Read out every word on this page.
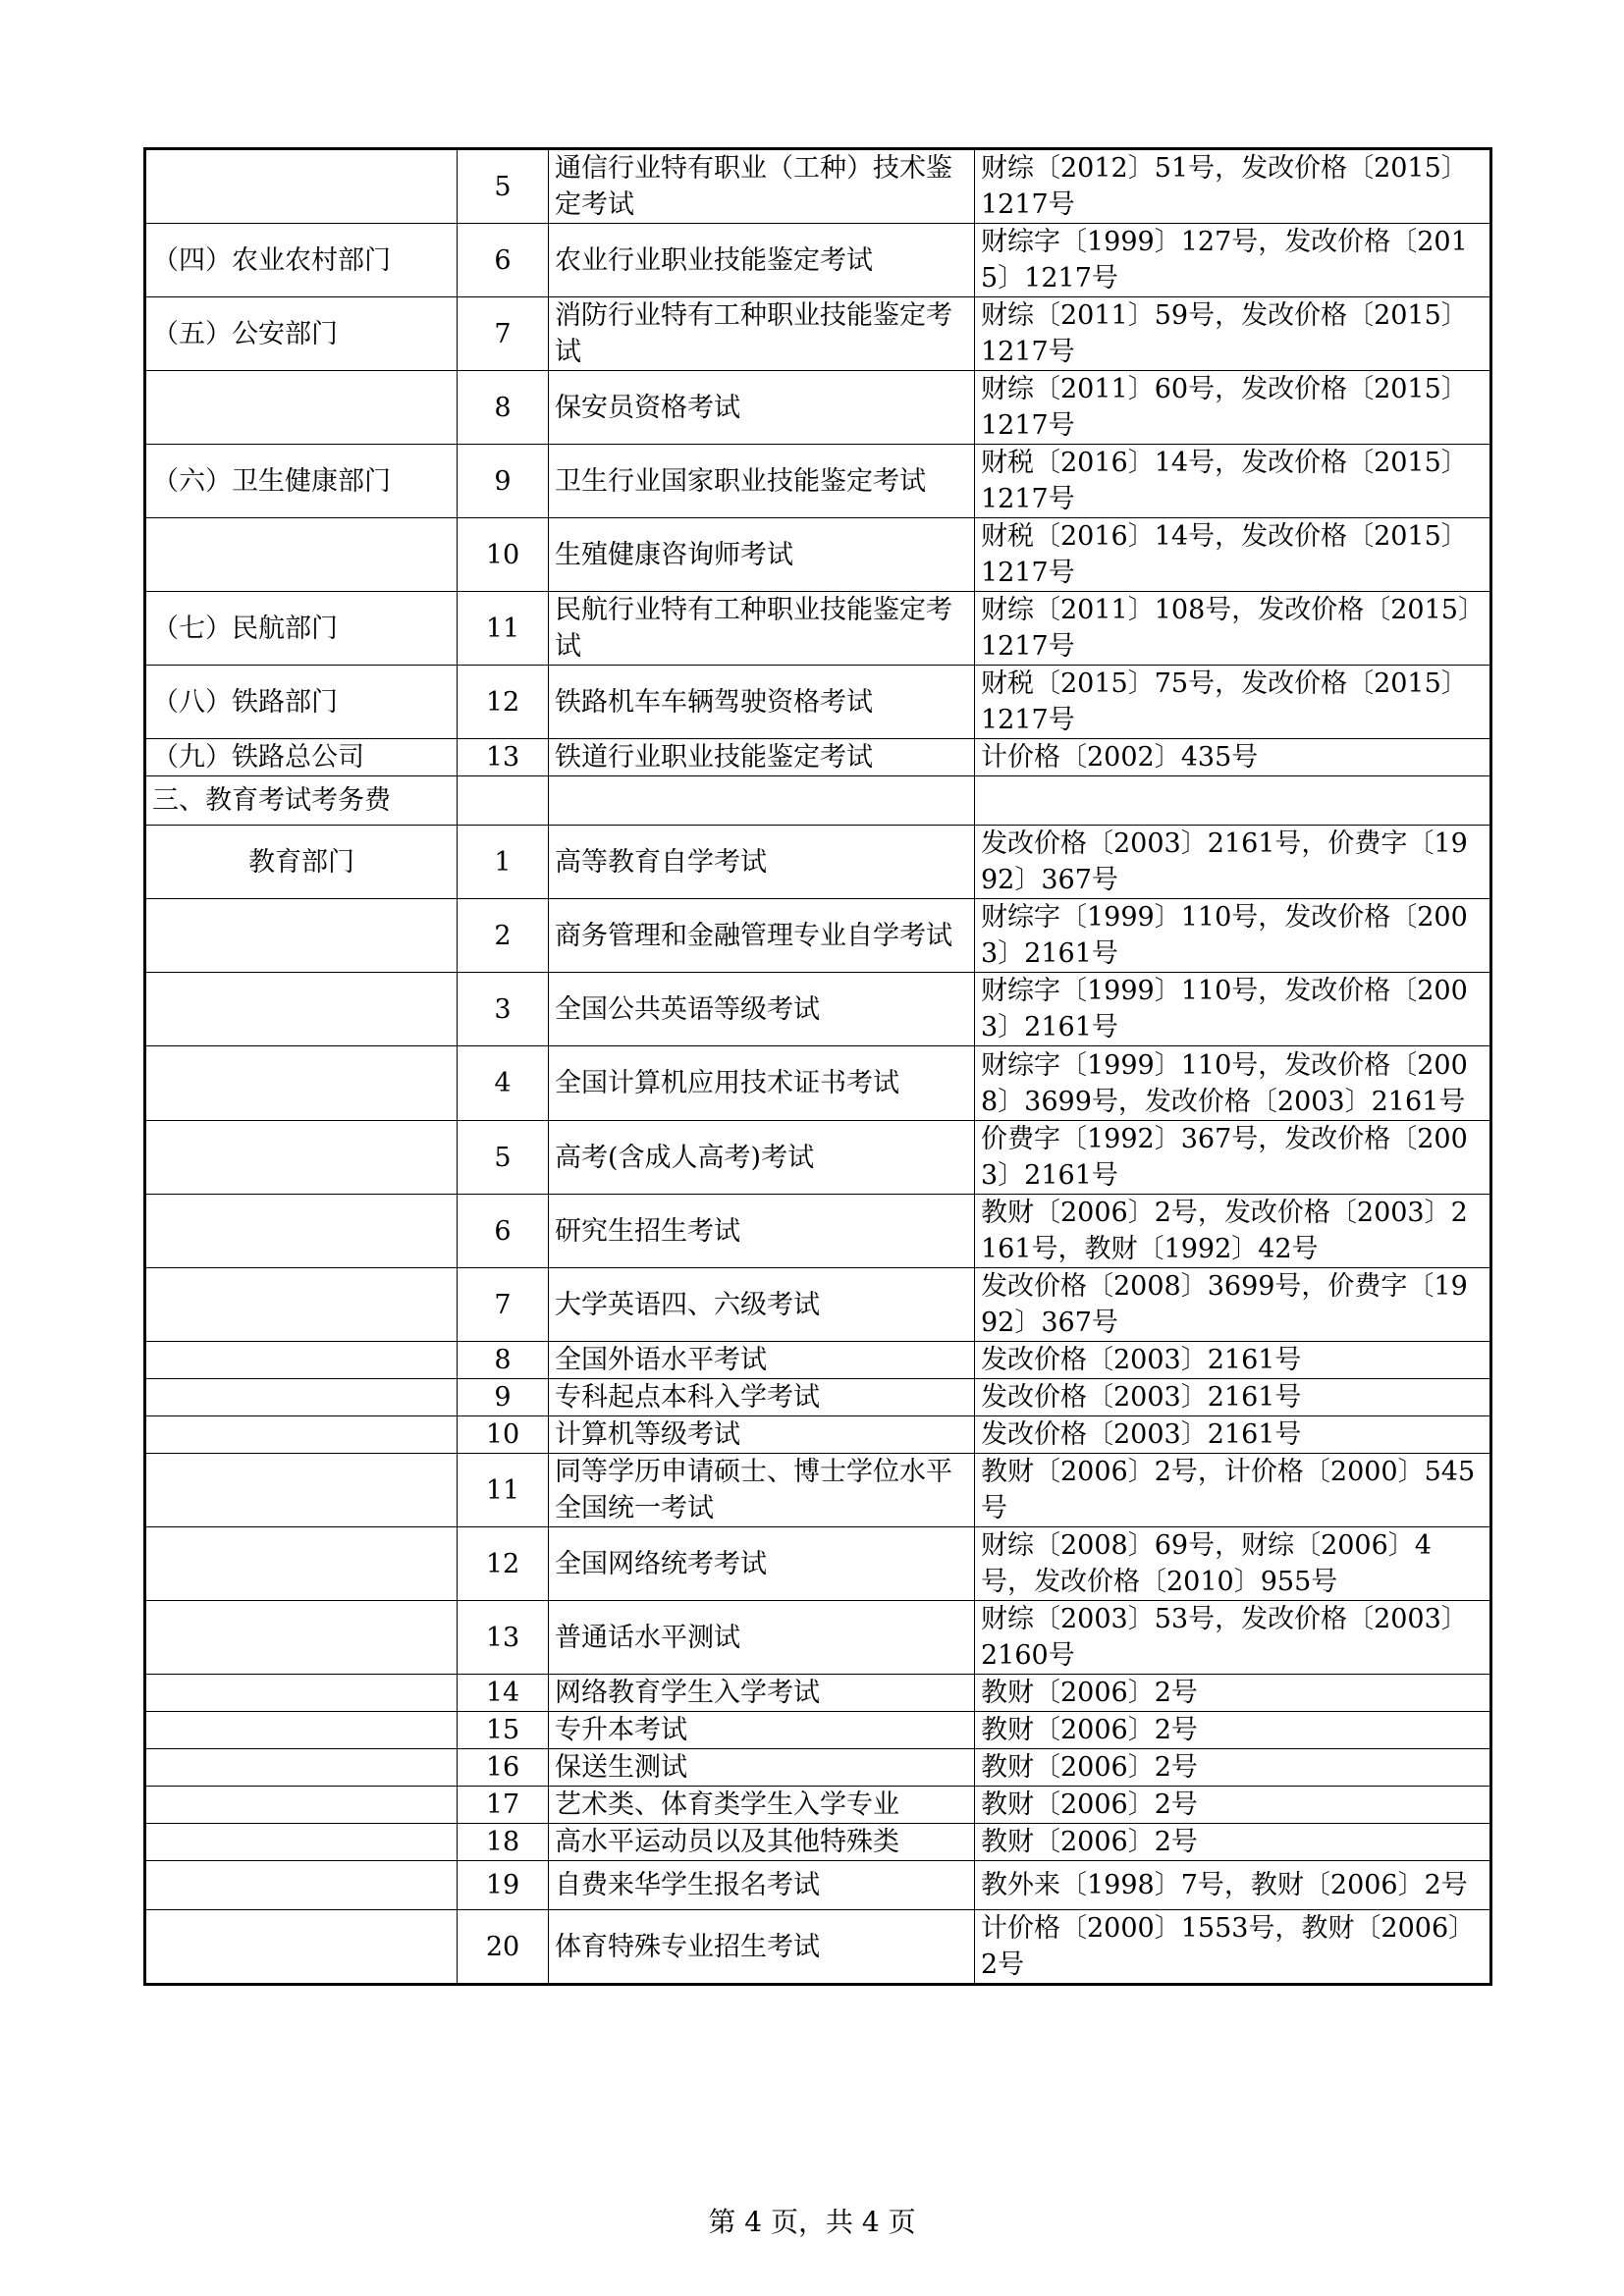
	5	通信行业特有职业（工种）技术鉴定考试	财综〔2012〕51号，发改价格〔2015〕1217号
（四）农业农村部门	6	农业行业职业技能鉴定考试	财综字〔1999〕127号，发改价格〔2015〕1217号
（五）公安部门	7	消防行业特有工种职业技能鉴定考试	财综〔2011〕59号，发改价格〔2015〕1217号
	8	保安员资格考试	财综〔2011〕60号，发改价格〔2015〕1217号
（六）卫生健康部门	9	卫生行业国家职业技能鉴定考试	财税〔2016〕14号，发改价格〔2015〕1217号
	10	生殖健康咨询师考试	财税〔2016〕14号，发改价格〔2015〕1217号
（七）民航部门	11	民航行业特有工种职业技能鉴定考试	财综〔2011〕108号，发改价格〔2015〕1217号
（八）铁路部门	12	铁路机车车辆驾驶资格考试	财税〔2015〕75号，发改价格〔2015〕1217号
（九）铁路总公司	13	铁道行业职业技能鉴定考试	计价格〔2002〕435号
三、教育考试考务费			
教育部门	1	高等教育自学考试	发改价格〔2003〕2161号，价费字〔1992〕367号
	2	商务管理和金融管理专业自学考试	财综字〔1999〕110号，发改价格〔2003〕2161号
	3	全国公共英语等级考试	财综字〔1999〕110号，发改价格〔2003〕2161号
	4	全国计算机应用技术证书考试	财综字〔1999〕110号，发改价格〔2008〕3699号，发改价格〔2003〕2161号
	5	高考(含成人高考)考试	价费字〔1992〕367号，发改价格〔2003〕2161号
	6	研究生招生考试	教财〔2006〕2号，发改价格〔2003〕2161号，教财〔1992〕42号
	7	大学英语四、六级考试	发改价格〔2008〕3699号，价费字〔1992〕367号
	8	全国外语水平考试	发改价格〔2003〕2161号
	9	专科起点本科入学考试	发改价格〔2003〕2161号
	10	计算机等级考试	发改价格〔2003〕2161号
	11	同等学历申请硕士、博士学位水平全国统一考试	教财〔2006〕2号，计价格〔2000〕545号
	12	全国网络统考考试	财综〔2008〕69号，财综〔2006〕4号，发改价格〔2010〕955号
	13	普通话水平测试	财综〔2003〕53号，发改价格〔2003〕2160号
	14	网络教育学生入学考试	教财〔2006〕2号
	15	专升本考试	教财〔2006〕2号
	16	保送生测试	教财〔2006〕2号
	17	艺术类、体育类学生入学专业	教财〔2006〕2号
	18	高水平运动员以及其他特殊类	教财〔2006〕2号
	19	自费来华学生报名考试	教外来〔1998〕7号，教财〔2006〕2号
	20	体育特殊专业招生考试	计价格〔2000〕1553号，教财〔2006〕2号
第 4 页，共 4 页
